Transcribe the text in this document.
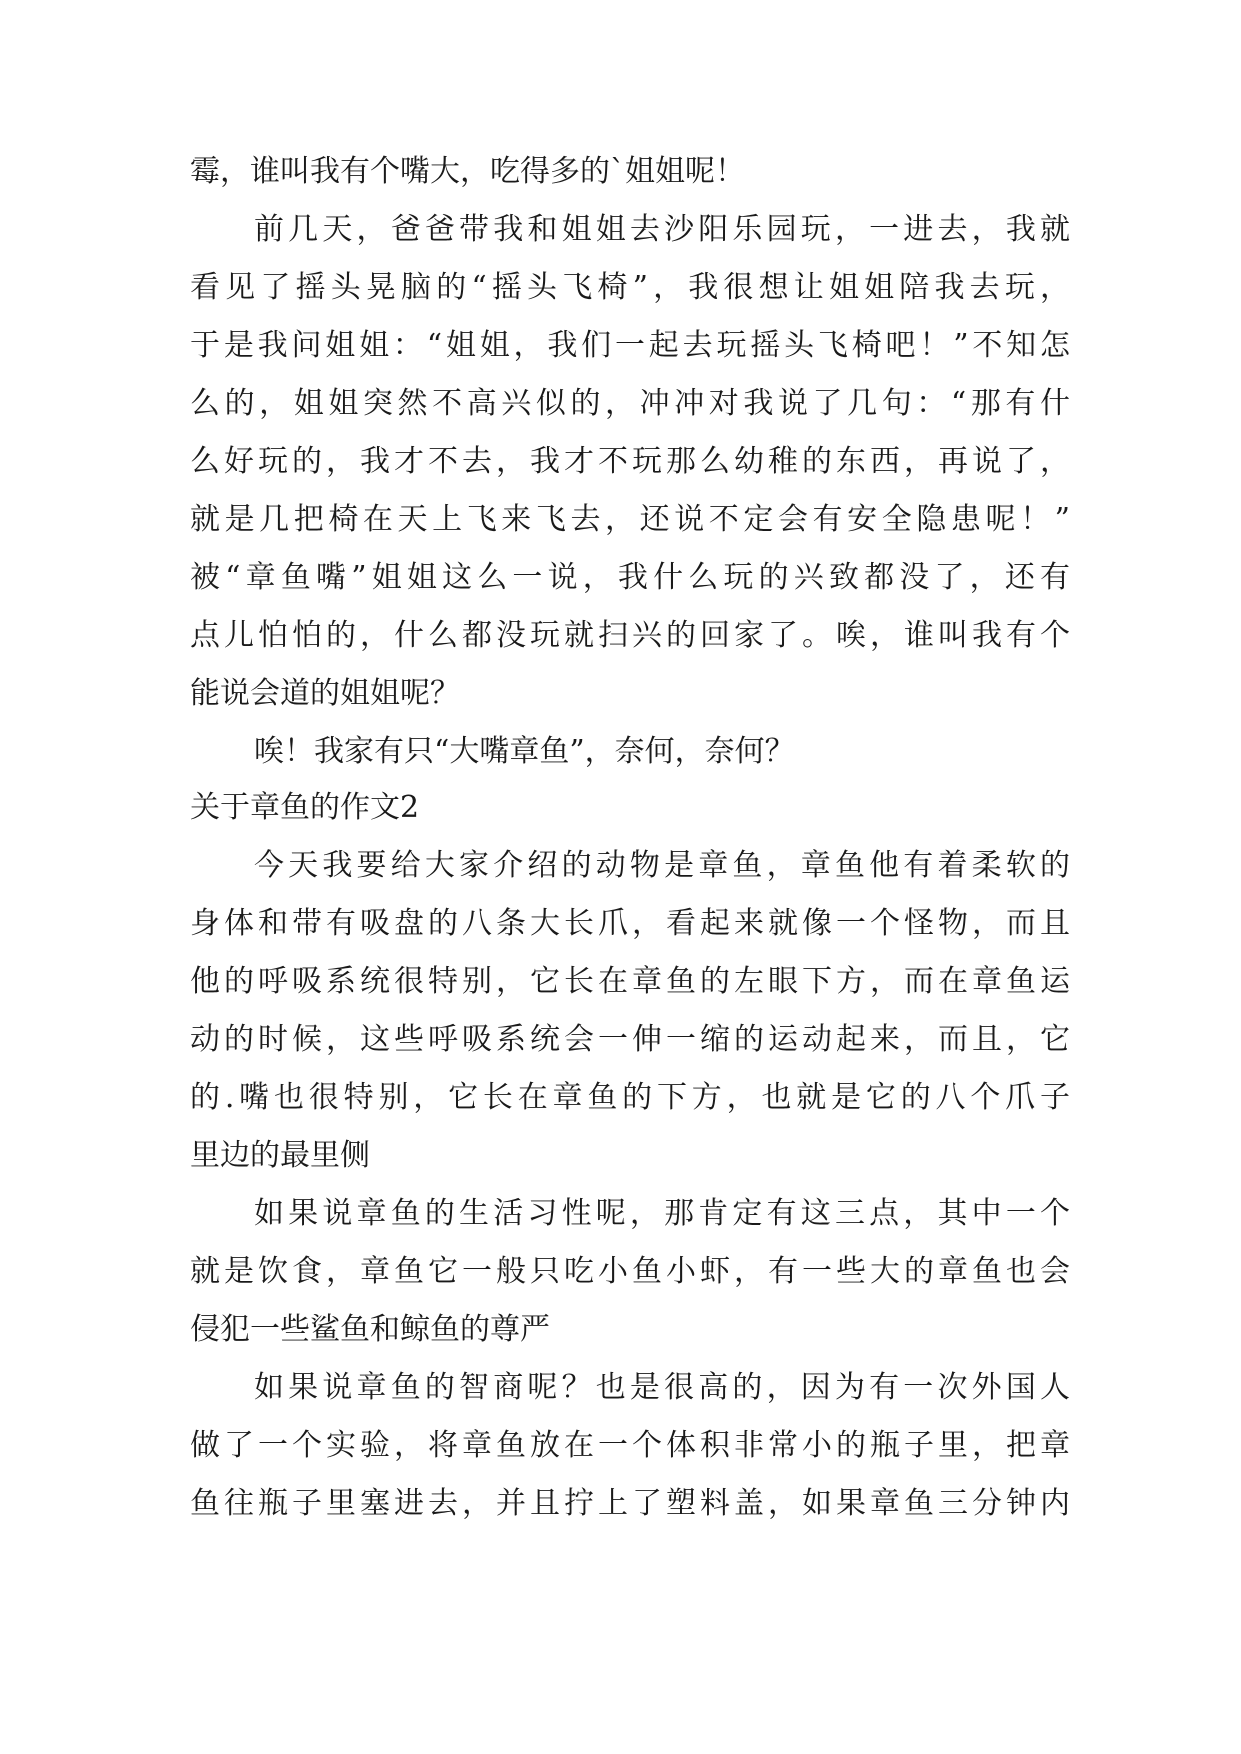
霉，谁叫我有个嘴大，吃得多的`姐姐呢！
前几天，爸爸带我和姐姐去沙阳乐园玩，一进去，我就
看见了摇头晃脑的“摇头飞椅”，我很想让姐姐陪我去玩，
于是我问姐姐：“姐姐，我们一起去玩摇头飞椅吧！”不知怎
么的，姐姐突然不高兴似的，冲冲对我说了几句：“那有什
么好玩的，我才不去，我才不玩那么幼稚的东西，再说了，
就是几把椅在天上飞来飞去，还说不定会有安全隐患呢！”
被“章鱼嘴”姐姐这么一说，我什么玩的兴致都没了，还有
点儿怕怕的，什么都没玩就扫兴的回家了。唉，谁叫我有个
能说会道的姐姐呢？
唉！我家有只“大嘴章鱼”，奈何，奈何？
关于章鱼的作文2
今天我要给大家介绍的动物是章鱼，章鱼他有着柔软的
身体和带有吸盘的八条大长爪，看起来就像一个怪物，而且
他的呼吸系统很特别，它长在章鱼的左眼下方，而在章鱼运
动的时候，这些呼吸系统会一伸一缩的运动起来，而且，它
的.嘴也很特别，它长在章鱼的下方，也就是它的八个爪子
里边的最里侧
如果说章鱼的生活习性呢，那肯定有这三点，其中一个
就是饮食，章鱼它一般只吃小鱼小虾，有一些大的章鱼也会
侵犯一些鲨鱼和鲸鱼的尊严
如果说章鱼的智商呢？也是很高的，因为有一次外国人
做了一个实验，将章鱼放在一个体积非常小的瓶子里，把章
鱼往瓶子里塞进去，并且拧上了塑料盖，如果章鱼三分钟内
